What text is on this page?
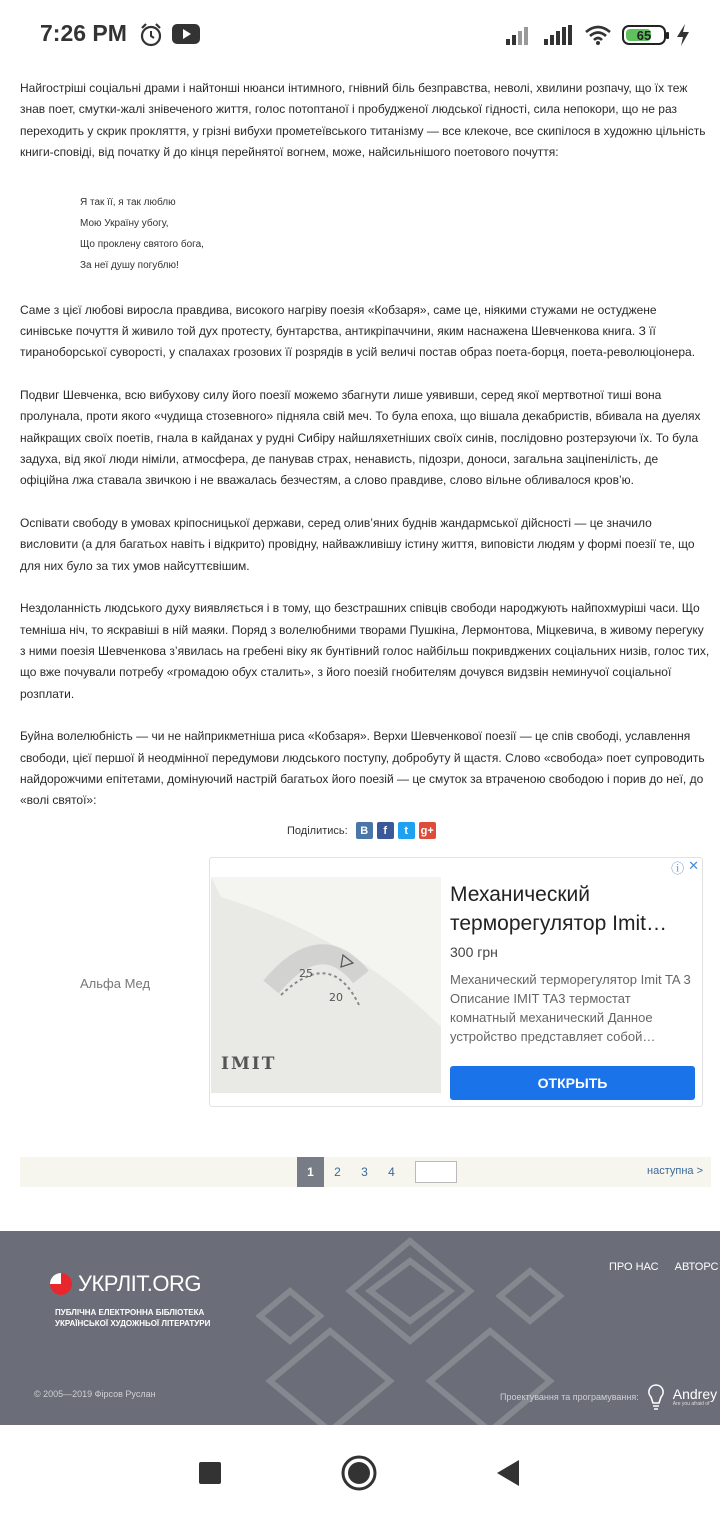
7:26 PM	65

Найгостріші соціальні драми і найтонші нюанси інтимного, гнівний біль безправства, неволі, хвилини розпачу, що їх теж знав поет, смутки-жалі знівеченого життя, голос потоптаної і пробудженої людської гідності, сила непокори, що не раз переходить у скрик прокляття, у грізні вибухи прометеївського титанізму — все клекоче, все скипілося в художню цільність книги-сповіді, від початку й до кінця перейнятої вогнем, може, найсильнішого поетового почуття:

Я так її, я так люблю
Мою Україну убогу,
Що проклену святого бога,
За неї душу погублю!

Саме з цієї любові виросла правдива, високого нагріву поезія «Кобзаря», саме це, ніякими стужами не остуджене синівське почуття й живило той дух протесту, бунтарства, антикріпаччини, яким наснажена Шевченкова книга. З її тираноборської суворості, у спалахах грозових її розрядів в усій величі постав образ поета-борця, поета-революціонера.

Подвиг Шевченка, всю вибухову силу його поезії можемо збагнути лише уявивши, серед якої мертвотної тиші вона пролунала, проти якого «чудища стозевного» підняла свій меч. То була епоха, що вішала декабристів, вбивала на дуелях найкращих своїх поетів, гнала в кайданах у рудні Сибіру найшляхетніших своїх синів, послідовно розтерзуючи їх. То була задуха, від якої люди німіли, атмосфера, де панував страх, ненависть, підозри, доноси, загальна заціпенілість, де офіційна лжа ставала звичкою і не вважалась безчестям, а слово правдиве, слово вільне обливалося кров’ю.

Оспівати свободу в умовах кріпосницької держави, серед олив’яних буднів жандармської дійсності — це значило висловити (а для багатьох навіть і відкрито) провідну, найважливішу істину життя, виповісти людям у формі поезії те, що для них було за тих умов найсуттєвішим.

Нездоланність людського духу виявляється і в тому, що безстрашних співців свободи народжують найпохмуріші часи. Що темніша ніч, то яскравіші в ній маяки. Поряд з волелюбними творами Пушкіна, Лермонтова, Міцкевича, в живому перегуку з ними поезія Шевченкова з’явилась на гребені віку як бунтівний голос найбільш покривджених соціальних низів, голос тих, що вже почували потребу «громадою обух сталить», з його поезій гнобителям дочувся видзвін неминучої соціальної розплати.

Буйна волелюбність — чи не найприкметніша риса «Кобзаря». Верхи Шевченкової поезії — це спів свободі, уславлення свободи, цієї першої й неодмінної передумови людського поступу, добробуту й щастя. Слово «свобода» поет супроводить найдорожчими епітетами, домінуючий настрій багатьох його поезій — це смуток за втраченою свободою і порив до неї, до «волі святої»:

Поділитись: В f t g+
Альфа Мед
ⓘ ✕
25
20
IMIT
Механический терморегулятор Imit…
300 грн
Механический терморегулятор Imit TA 3 Описание IMIT TA3 термостат комнатный механический Данное устройство представляет собой…
ОТКРЫТЬ
1	2	3	4	наступна >
УКРЛІТ.ORG
ПУБЛІЧНА ЕЛЕКТРОННА БІБЛІОТЕКА УКРАЇНСЬКОЇ ХУДОЖНЬОЇ ЛІТЕРАТУРИ
ПРО НАС АВТОРС
© 2005—2019 Фірсов Руслан	Проектування та програмування: Andrey
Are you afraid of
